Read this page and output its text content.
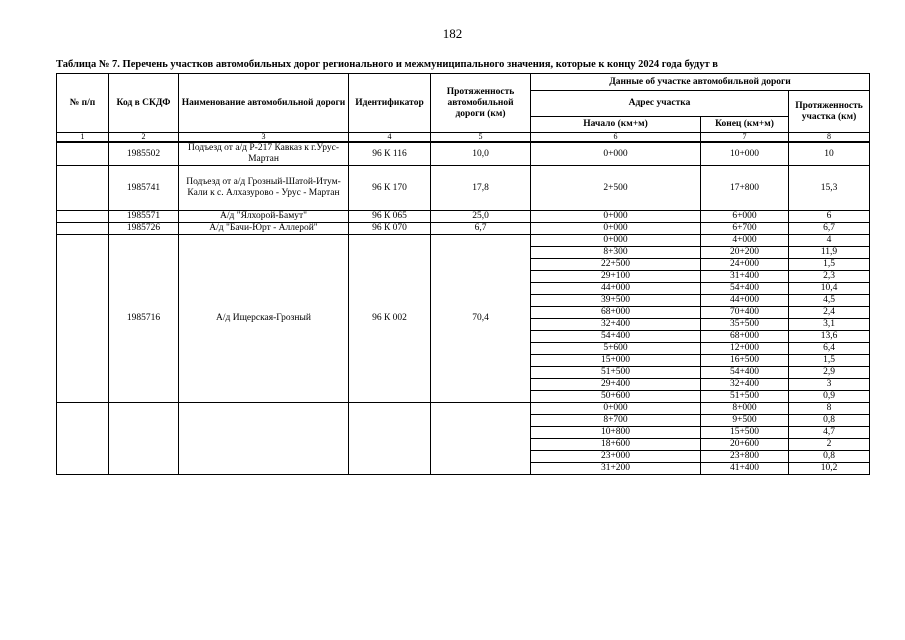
182
Таблица № 7. Перечень участков автомобильных дорог регионального и межмуниципального значения, которые к концу 2024 года будут в
№ п/п	Код в СКДФ	Наименование автомобильной дороги	Идентификатор	Протяженность автомобильной дороги (км)	Данные об участке автомобильной дороги		
					Адрес участка		Протяженность участка (км)
					Начало (км+м)	Конец (км+м)	
1	2	3	4	5	6	7	8
	1985502	Подъезд от а/д Р-217 Кавказ к г.Урус-Мартан	96 К 116	10,0	0+000	10+000	10
	1985741	Подъезд от а/д Грозный-Шатой-Итум-Кали к с. Алхазурово - Урус - Мартан	96 К 170	17,8	2+500	17+800	15,3
	1985571	А/д "Ялхорой-Бамут"	96 К 065	25,0	0+000	6+000	6
	1985726	А/д "Бачи-Юрт - Аллерой"	96 К 070	6,7	0+000	6+700	6,7
	1985716	А/д Ищерская-Грозный	96 К 002	70,4	0+000	4+000	4
					8+300	20+200	11,9
					22+500	24+000	1,5
					29+100	31+400	2,3
					44+000	54+400	10,4
					39+500	44+000	4,5
					68+000	70+400	2,4
					32+400	35+500	3,1
					54+400	68+000	13,6
					5+600	12+000	6,4
					15+000	16+500	1,5
					51+500	54+400	2,9
					29+400	32+400	3
					50+600	51+500	0,9
					0+000	8+000	8
					8+700	9+500	0,8
					10+800	15+500	4,7
					18+600	20+600	2
					23+000	23+800	0,8
					31+200	41+400	10,2
